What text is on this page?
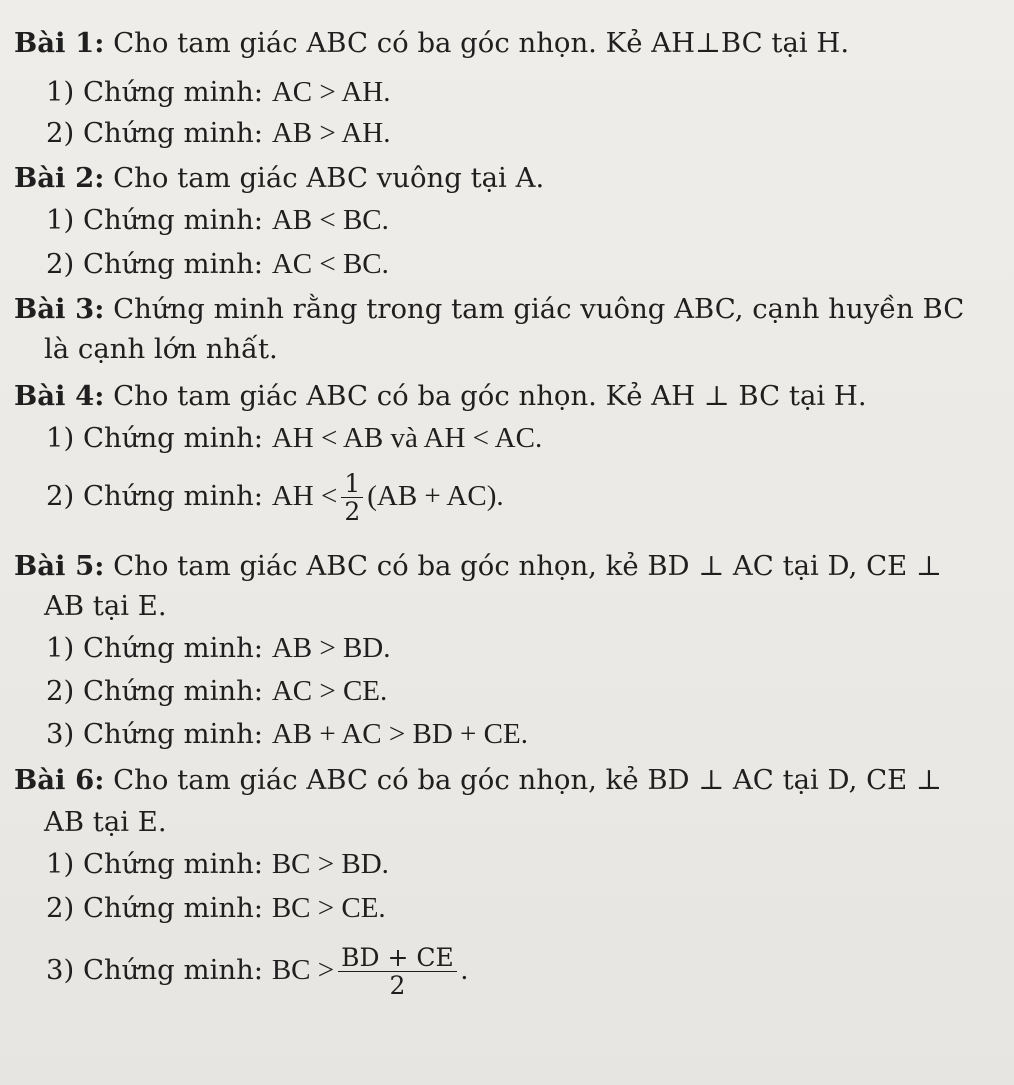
Bài 1: Cho tam giác ABC có ba góc nhọn. Kẻ AH⊥BC tại H.
1) Chứng minh: AC > AH.
2) Chứng minh: AB > AH.
Bài 2: Cho tam giác ABC vuông tại A.
1) Chứng minh: AB < BC.
2) Chứng minh: AC < BC.
Bài 3: Chứng minh rằng trong tam giác vuông ABC, cạnh huyền BC
là cạnh lớn nhất.
Bài 4: Cho tam giác ABC có ba góc nhọn. Kẻ AH ⊥ BC tại H.
1) Chứng minh: AH < AB và AH < AC.
2) Chứng minh: AH < $\frac{1}{2} (AB + AC)$.
Bài 5: Cho tam giác ABC có ba góc nhọn, kẻ BD ⊥ AC tại D, CE ⊥
AB tại E.
1) Chứng minh: AB > BD.
2) Chứng minh: AC > CE.
3) Chứng minh: AB + AC > BD + CE.
Bài 6: Cho tam giác ABC có ba góc nhọn, kẻ BD ⊥ AC tại D, CE ⊥
AB tại E.
1) Chứng minh: BC > BD.
2) Chứng minh: BC > CE.
3) Chứng minh: BC > $\frac{BD + CE}{2}$ .
